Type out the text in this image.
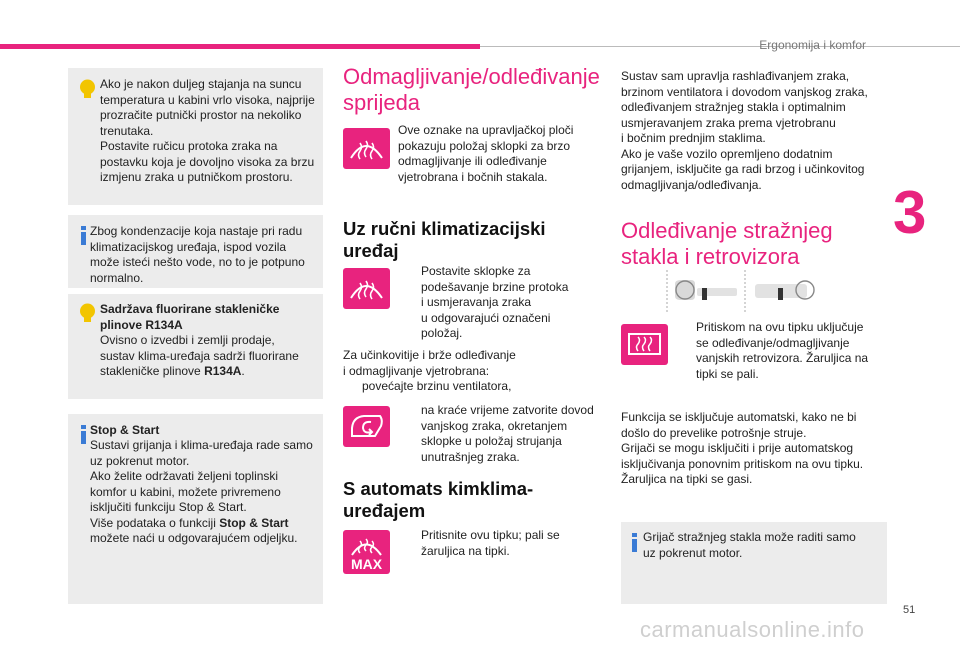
Ergonomija i komfor
3
Ako je nakon duljeg stajanja na suncu
temperatura u kabini vrlo visoka, najprije
prozračite putnički prostor na nekoliko
trenutaka.
Postavite ručicu protoka zraka na
postavku koja je dovoljno visoka za brzu
izmjenu zraka u putničkom prostoru.
Zbog kondenzacije koja nastaje pri radu
klimatizacijskog uređaja, ispod vozila
može isteći nešto vode, no to je potpuno
normalno.
Sadržava fluorirane stakleničke
plinove R134A
Ovisno o izvedbi i zemlji prodaje,
sustav klima-uređaja sadrži fluorirane
stakleničke plinove R134A.
Stop & Start
Sustavi grijanja i klima-uređaja rade samo
uz pokrenut motor.
Ako želite održavati željeni toplinski
komfor u kabini, možete privremeno
isključiti funkciju Stop & Start.
Više podataka o funkciji Stop & Start
možete naći u odgovarajućem odjeljku.
Odmagljivanje/odleđivanje
sprijeda
Ove oznake na upravljačkoj ploči
pokazuju položaj sklopki za brzo
odmagljivanje ili odleđivanje
vjetrobrana i bočnih stakala.
Uz ručni klimatizacijski
uređaj
Postavite sklopke za
podešavanje brzine protoka
i usmjeravanja zraka
u odgovarajući označeni
položaj.
Za učinkovitije i brže odleđivanje
i odmagljivanje vjetrobrana:
povećajte brzinu ventilatora,
na kraće vrijeme zatvorite dovod
vanjskog zraka, okretanjem
sklopke u položaj strujanja
unutrašnjeg zraka.
S automats kimklima-
uređajem
MAX
Pritisnite ovu tipku; pali se
žaruljica na tipki.
Sustav sam upravlja rashlađivanjem zraka,
brzinom ventilatora i dovodom vanjskog zraka,
odleđivanjem stražnjeg stakla i optimalnim
usmjeravanjem zraka prema vjetrobranu
i bočnim prednjim staklima.
Ako je vaše vozilo opremljeno dodatnim
grijanjem, isključite ga radi brzog i učinkovitog
odmagljivanja/odleđivanja.
Odleđivanje stražnjeg
stakla i retrovizora
Pritiskom na ovu tipku uključuje
se odleđivanje/odmagljivanje
vanjskih retrovizora. Žaruljica na
tipki se pali.
Funkcija se isključuje automatski, kako ne bi
došlo do prevelike potrošnje struje.
Grijači se mogu isključiti i prije automatskog
isključivanja ponovnim pritiskom na ovu tipku.
Žaruljica na tipki se gasi.
Grijač stražnjeg stakla može raditi samo
uz pokrenut motor.
51
carmanualsonline.info
